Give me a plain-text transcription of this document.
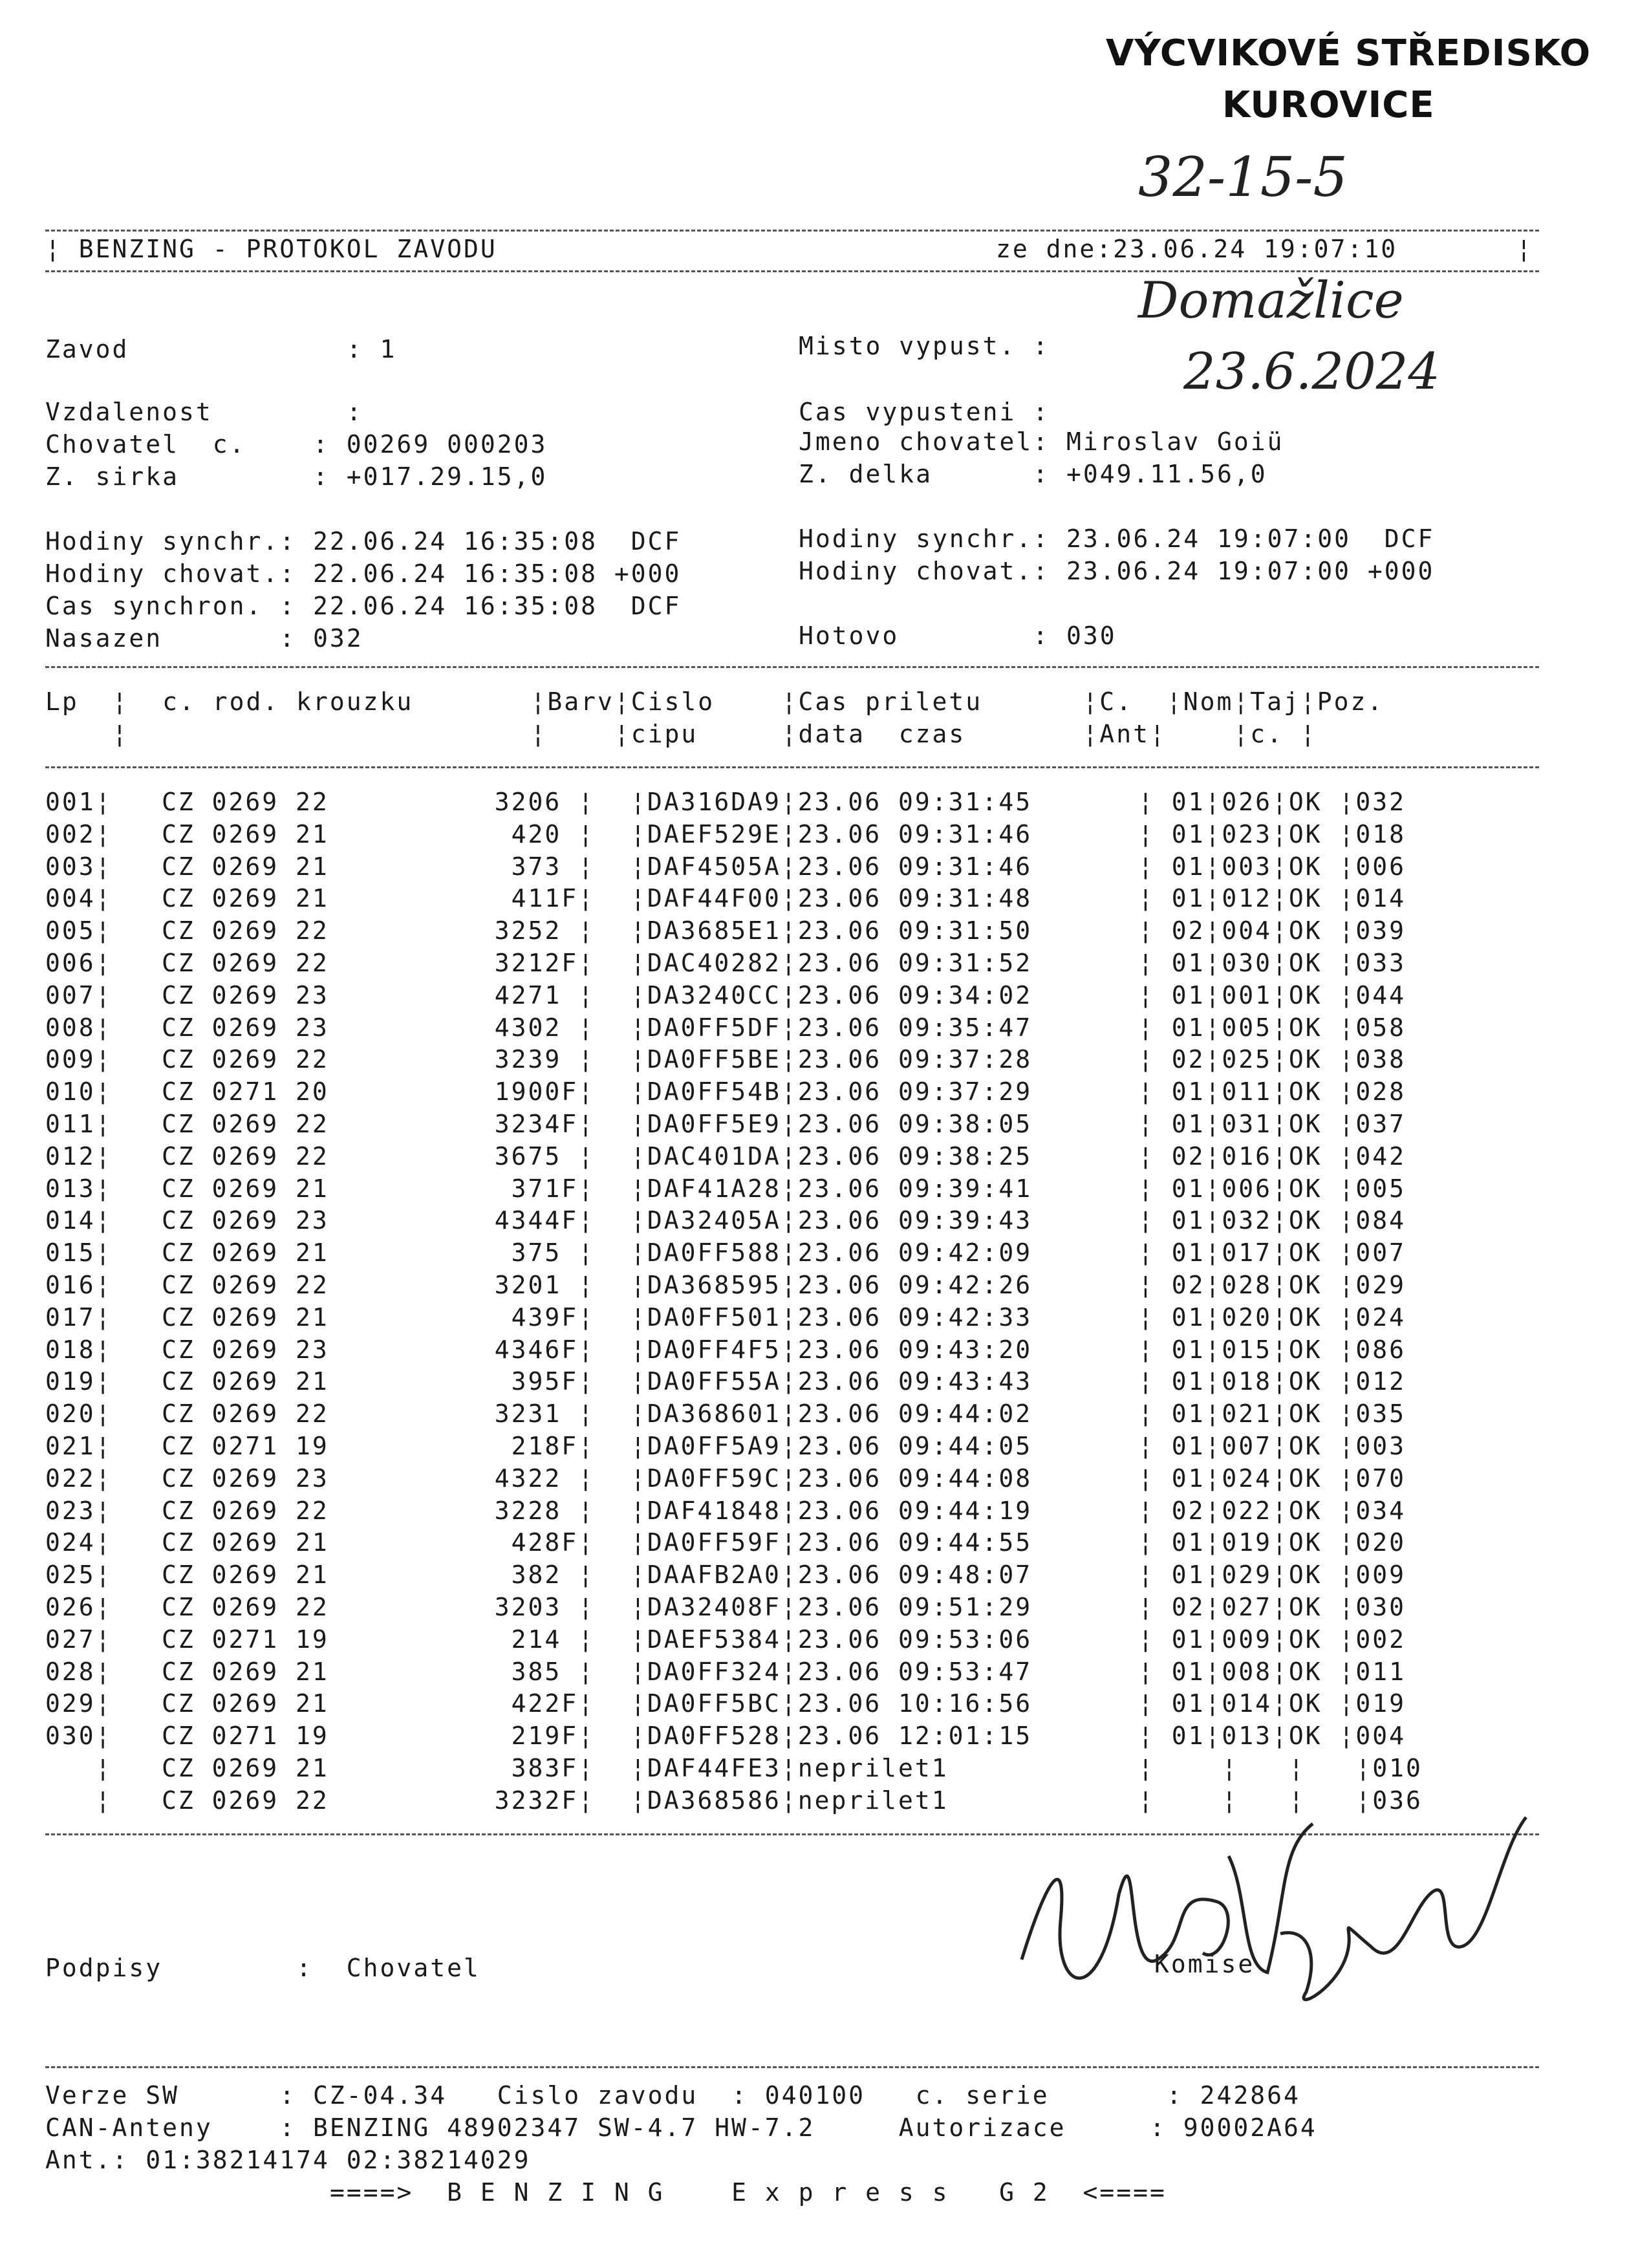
VÝCVIKOVÉ STŘEDISKO
KUROVICE
32-15-5
Domažlice
23.6.2024
¦ BENZING - PROTOKOL ZAVODU	ze dne:23.06.24 19:07:10	¦
Zavod             : 1	Misto vypust. :
Vzdalenost        :	Cas vypusteni :
Chovatel  c.    : 00269 000203	Jmeno chovatel: Miroslav Goiü
Z. sirka        : +017.29.15,0	Z. delka      : +049.11.56,0
Hodiny synchr.: 22.06.24 16:35:08  DCF	Hodiny synchr.: 23.06.24 19:07:00  DCF
Hodiny chovat.: 22.06.24 16:35:08 +000	Hodiny chovat.: 23.06.24 19:07:00 +000
Cas synchron. : 22.06.24 16:35:08  DCF
Nasazen       : 032	Hotovo        : 030
Lp  ¦  c. rod. krouzku       ¦Barv¦Cislo    ¦Cas priletu      ¦C.  ¦Nom¦Taj¦Poz.
¦                        ¦    ¦cipu     ¦data  czas       ¦Ant¦    ¦c. ¦
001¦ CZ 0269 22	3206 ¦ ¦DA316DA9¦23.06 09:31:45	¦ 01¦026¦OK ¦032
002¦ CZ 0269 21	420 ¦ ¦DAEF529E¦23.06 09:31:46	¦ 01¦023¦OK ¦018
003¦ CZ 0269 21	373 ¦ ¦DAF4505A¦23.06 09:31:46	¦ 01¦003¦OK ¦006
004¦ CZ 0269 21	411F¦ ¦DAF44F00¦23.06 09:31:48	¦ 01¦012¦OK ¦014
005¦ CZ 0269 22	3252 ¦ ¦DA3685E1¦23.06 09:31:50	¦ 02¦004¦OK ¦039
006¦ CZ 0269 22	3212F¦ ¦DAC40282¦23.06 09:31:52	¦ 01¦030¦OK ¦033
007¦ CZ 0269 23	4271 ¦ ¦DA3240CC¦23.06 09:34:02	¦ 01¦001¦OK ¦044
008¦ CZ 0269 23	4302 ¦ ¦DA0FF5DF¦23.06 09:35:47	¦ 01¦005¦OK ¦058
009¦ CZ 0269 22	3239 ¦ ¦DA0FF5BE¦23.06 09:37:28	¦ 02¦025¦OK ¦038
010¦ CZ 0271 20	1900F¦ ¦DA0FF54B¦23.06 09:37:29	¦ 01¦011¦OK ¦028
011¦ CZ 0269 22	3234F¦ ¦DA0FF5E9¦23.06 09:38:05	¦ 01¦031¦OK ¦037
012¦ CZ 0269 22	3675 ¦ ¦DAC401DA¦23.06 09:38:25	¦ 02¦016¦OK ¦042
013¦ CZ 0269 21	371F¦ ¦DAF41A28¦23.06 09:39:41	¦ 01¦006¦OK ¦005
014¦ CZ 0269 23	4344F¦ ¦DA32405A¦23.06 09:39:43	¦ 01¦032¦OK ¦084
015¦ CZ 0269 21	375 ¦ ¦DA0FF588¦23.06 09:42:09	¦ 01¦017¦OK ¦007
016¦ CZ 0269 22	3201 ¦ ¦DA368595¦23.06 09:42:26	¦ 02¦028¦OK ¦029
017¦ CZ 0269 21	439F¦ ¦DA0FF501¦23.06 09:42:33	¦ 01¦020¦OK ¦024
018¦ CZ 0269 23	4346F¦ ¦DA0FF4F5¦23.06 09:43:20	¦ 01¦015¦OK ¦086
019¦ CZ 0269 21	395F¦ ¦DA0FF55A¦23.06 09:43:43	¦ 01¦018¦OK ¦012
020¦ CZ 0269 22	3231 ¦ ¦DA368601¦23.06 09:44:02	¦ 01¦021¦OK ¦035
021¦ CZ 0271 19	218F¦ ¦DA0FF5A9¦23.06 09:44:05	¦ 01¦007¦OK ¦003
022¦ CZ 0269 23	4322 ¦ ¦DA0FF59C¦23.06 09:44:08	¦ 01¦024¦OK ¦070
023¦ CZ 0269 22	3228 ¦ ¦DAF41848¦23.06 09:44:19	¦ 02¦022¦OK ¦034
024¦ CZ 0269 21	428F¦ ¦DA0FF59F¦23.06 09:44:55	¦ 01¦019¦OK ¦020
025¦ CZ 0269 21	382 ¦ ¦DAAFB2A0¦23.06 09:48:07	¦ 01¦029¦OK ¦009
026¦ CZ 0269 22	3203 ¦ ¦DA32408F¦23.06 09:51:29	¦ 02¦027¦OK ¦030
027¦ CZ 0271 19	214 ¦ ¦DAEF5384¦23.06 09:53:06	¦ 01¦009¦OK ¦002
028¦ CZ 0269 21	385 ¦ ¦DA0FF324¦23.06 09:53:47	¦ 01¦008¦OK ¦011
029¦ CZ 0269 21	422F¦ ¦DA0FF5BC¦23.06 10:16:56	¦ 01¦014¦OK ¦019
030¦ CZ 0271 19	219F¦ ¦DA0FF528¦23.06 12:01:15	¦ 01¦013¦OK ¦004
¦ CZ 0269 21	383F¦ ¦DAF44FE3¦neprilet1	¦    ¦   ¦   ¦010
¦ CZ 0269 22	3232F¦ ¦DA368586¦neprilet1	¦    ¦   ¦   ¦036
Podpisy        :  Chovatel	Komise
Verze SW      : CZ-04.34   Cislo zavodu  : 040100   c. serie       : 242864
CAN-Anteny    : BENZING 48902347 SW-4.7 HW-7.2     Autorizace     : 90002A64
Ant.: 01:38214174 02:38214029
====>  B E N Z I N G    E x p r e s s   G 2  <====
